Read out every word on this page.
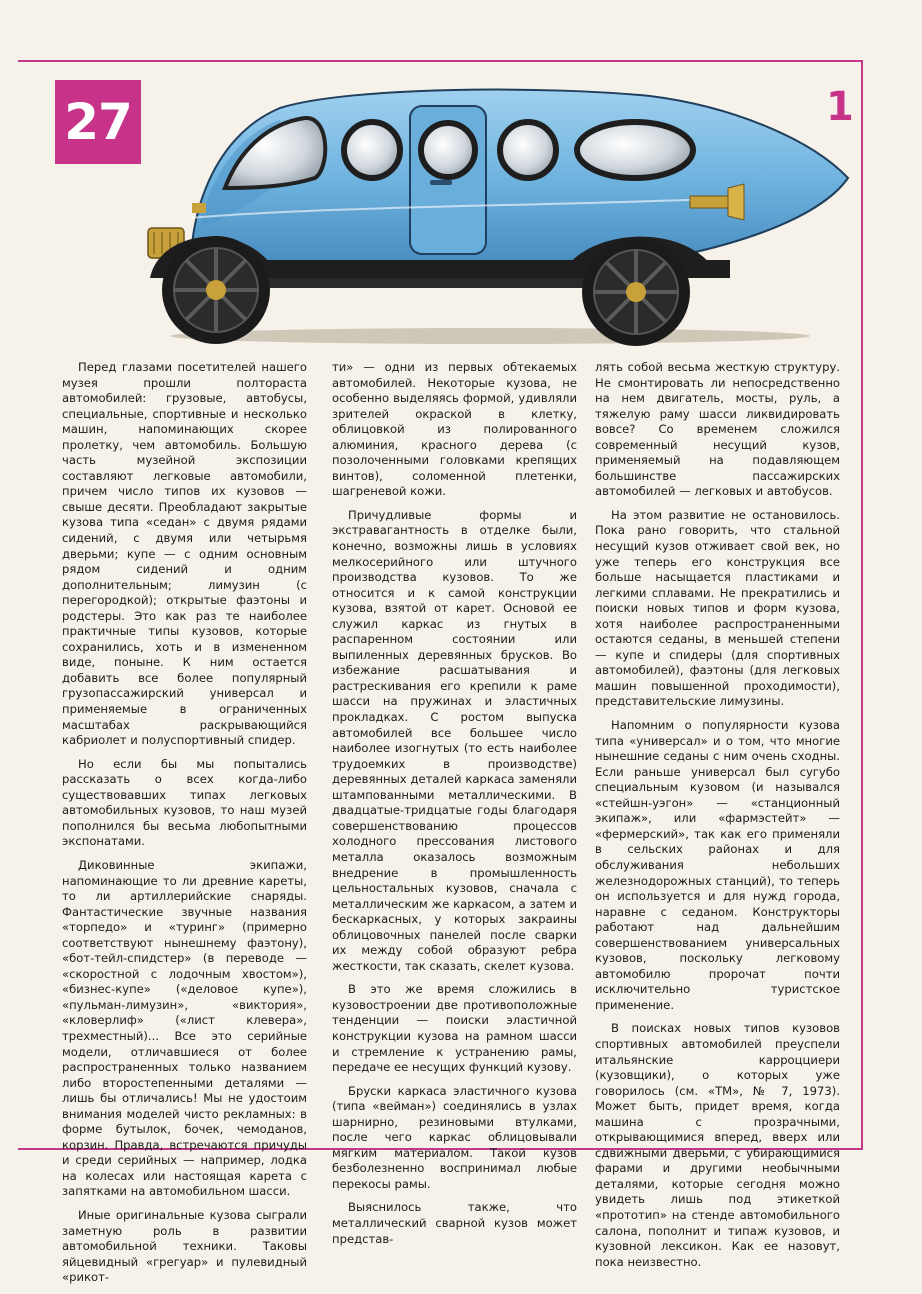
27	1

Перед глазами посетителей нашего музея прошли полтораста автомобилей: грузовые, автобусы, специальные, спортивные и несколько машин, напоминающих скорее пролетку, чем автомобиль. Большую часть музейной экспозиции составляют легковые автомобили, причем число типов их кузовов — свыше десяти. Преобладают закрытые кузова типа «седан» с двумя рядами сидений, с двумя или четырьмя дверьми; купе — с одним основным рядом сидений и одним дополнительным; лимузин (с перегородкой); открытые фаэтоны и родстеры. Это как раз те наиболее практичные типы кузовов, которые сохранились, хоть и в измененном виде, поныне. К ним остается добавить все более популярный грузопассажирский универсал и применяемые в ограниченных масштабах раскрывающийся кабриолет и полуспортивный спидер.

Но если бы мы попытались рассказать о всех когда-либо существовавших типах легковых автомобильных кузовов, то наш музей пополнился бы весьма любопытными экспонатами.

Диковинные экипажи, напоминающие то ли древние кареты, то ли артиллерийские снаряды. Фантастические звучные названия «торпедо» и «туринг» (примерно соответствуют нынешнему фаэтону), «бот-тейл-спидстер» (в переводе — «скоростной с лодочным хвостом»), «бизнес-купе» («деловое купе»), «пульман-лимузин», «виктория», «кловерлиф» («лист клевера», трехместный)... Все это серийные модели, отличавшиеся от более распространенных только названием либо второстепенными деталями — лишь бы отличались! Мы не удостоим внимания моделей чисто рекламных: в форме бутылок, бочек, чемоданов, корзин. Правда, встречаются причуды и среди серийных — например, лодка на колесах или настоящая карета с запятками на автомобильном шасси.

Иные оригинальные кузова сыграли заметную роль в развитии автомобильной техники. Таковы яйцевидный «грегуар» и пулевидный «рикот-

ти» — одни из первых обтекаемых автомобилей. Некоторые кузова, не особенно выделяясь формой, удивляли зрителей окраской в клетку, облицовкой из полированного алюминия, красного дерева (с позолоченными головками крепящих винтов), соломенной плетенки, шагреневой кожи.

Причудливые формы и экстравагантность в отделке были, конечно, возможны лишь в условиях мелкосерийного или штучного производства кузовов. То же относится и к самой конструкции кузова, взятой от карет. Основой ее служил каркас из гнутых в распаренном состоянии или выпиленных деревянных брусков. Во избежание расшатывания и растрескивания его крепили к раме шасси на пружинах и эластичных прокладках. С ростом выпуска автомобилей все большее число наиболее изогнутых (то есть наиболее трудоемких в производстве) деревянных деталей каркаса заменяли штампованными металлическими. В двадцатые-тридцатые годы благодаря совершенствованию процессов холодного прессования листового металла оказалось возможным внедрение в промышленность цельностальных кузовов, сначала с металлическим же каркасом, а затем и бескаркасных, у которых закраины облицовочных панелей после сварки их между собой образуют ребра жесткости, так сказать, скелет кузова.

В это же время сложились в кузовостроении две противоположные тенденции — поиски эластичной конструкции кузова на рамном шасси и стремление к устранению рамы, передаче ее несущих функций кузову.

Бруски каркаса эластичного кузова (типа «вейман») соединялись в узлах шарнирно, резиновыми втулками, после чего каркас облицовывали мягким материалом. Такой кузов безболезненно воспринимал любые перекосы рамы.

Выяснилось также, что металлический сварной кузов может представ-

лять собой весьма жесткую структуру. Не смонтировать ли непосредственно на нем двигатель, мосты, руль, а тяжелую раму шасси ликвидировать вовсе? Со временем сложился современный несущий кузов, применяемый на подавляющем большинстве пассажирских автомобилей — легковых и автобусов.

На этом развитие не остановилось. Пока рано говорить, что стальной несущий кузов отживает свой век, но уже теперь его конструкция все больше насыщается пластиками и легкими сплавами. Не прекратились и поиски новых типов и форм кузова, хотя наиболее распространенными остаются седаны, в меньшей степени — купе и спидеры (для спортивных автомобилей), фаэтоны (для легковых машин повышенной проходимости), представительские лимузины.

Напомним о популярности кузова типа «универсал» и о том, что многие нынешние седаны с ним очень сходны. Если раньше универсал был сугубо специальным кузовом (и назывался «стейшн-уэгон» — «станционный экипаж», или «фармэстейт» — «фермерский», так как его применяли в сельских районах и для обслуживания небольших железнодорожных станций), то теперь он используется и для нужд города, наравне с седаном. Конструкторы работают над дальнейшим совершенствованием универсальных кузовов, поскольку легковому автомобилю пророчат почти исключительно туристское применение.

В поисках новых типов кузовов спортивных автомобилей преуспели итальянские карроцциери (кузовщики), о которых уже говорилось (см. «ТМ», № 7, 1973). Может быть, придет время, когда машина с прозрачными, открывающимися вперед, вверх или сдвижными дверьми, с убирающимися фарами и другими необычными деталями, которые сегодня можно увидеть лишь под этикеткой «прототип» на стенде автомобильного салона, пополнит и типаж кузовов, и кузовной лексикон. Как ее назовут, пока неизвестно.
